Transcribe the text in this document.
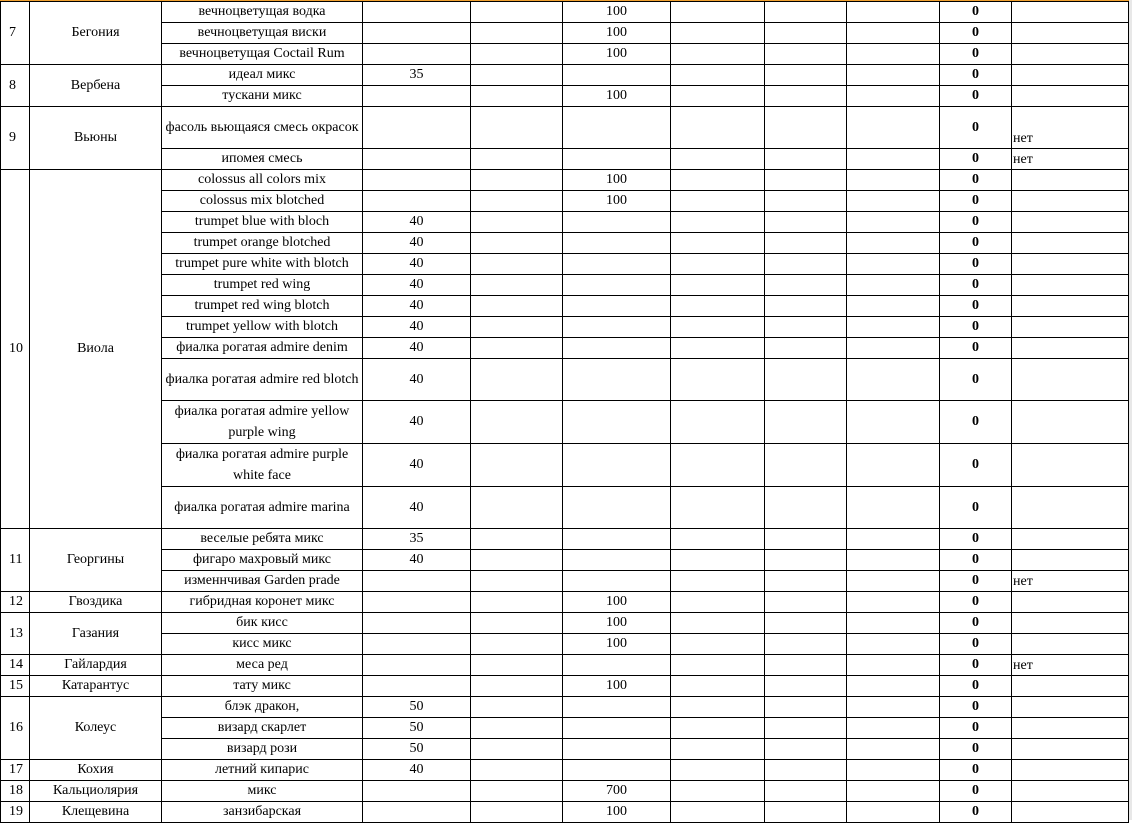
7	Бегония	вечноцветущая водка			100				0	
		вечноцветущая виски			100				0	
		вечноцветущая Coctail Rum			100				0	
8	Вербена	идеал микс	35						0	
		тускани микс			100				0	
9	Вьюны	фасоль вьющаяся смесь окрасок							0	нет
		ипомея смесь							0	нет
10	Виола	colossus all colors mix			100				0	
		colossus mix blotched			100				0	
		trumpet blue with bloch	40						0	
		trumpet orange blotched	40						0	
		trumpet pure white with blotch	40						0	
		trumpet red wing	40						0	
		trumpet red wing blotch	40						0	
		trumpet yellow with blotch	40						0	
		фиалка рогатая admire denim	40						0	
		фиалка рогатая admire red blotch	40						0	
		фиалка рогатая admire yellow purple wing	40						0	
		фиалка рогатая admire purple white face	40						0	
		фиалка рогатая admire marina	40						0	
11	Георгины	веселые ребята микс	35						0	
		фигаро махровый микс	40						0	
		изменнчивая Garden prade							0	нет
12	Гвоздика	гибридная коронет микс			100				0	
13	Газания	бик кисс			100				0	
		кисс микс			100				0	
14	Гайлардия	меса ред							0	нет
15	Катарантус	тату микс			100				0	
16	Колеус	блэк дракон,	50						0	
		визард скарлет	50						0	
		визард рози	50						0	
17	Кохия	летний кипарис	40						0	
18	Кальциолярия	микс			700				0	
19	Клещевина	занзибарская			100				0	
